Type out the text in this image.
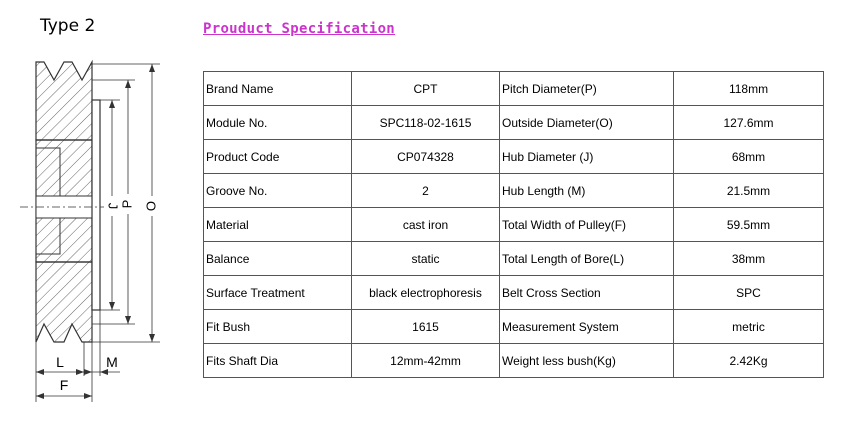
Type 2	Prouduct Specification
J
P O
L	M
F
Brand Name	CPT	Pitch Diameter(P)	118mm
Module No.	SPC118-02-1615	Outside Diameter(O)	127.6mm
Product Code	CP074328	Hub Diameter (J)	68mm
Groove No.	2	Hub Length (M)	21.5mm
Material	cast iron	Total Width of Pulley(F)	59.5mm
Balance	static	Total Length of Bore(L)	38mm
Surface Treatment	black electrophoresis	Belt Cross Section	SPC
Fit Bush	1615	Measurement System	metric
Fits Shaft Dia	12mm-42mm	Weight less bush(Kg)	2.42Kg
